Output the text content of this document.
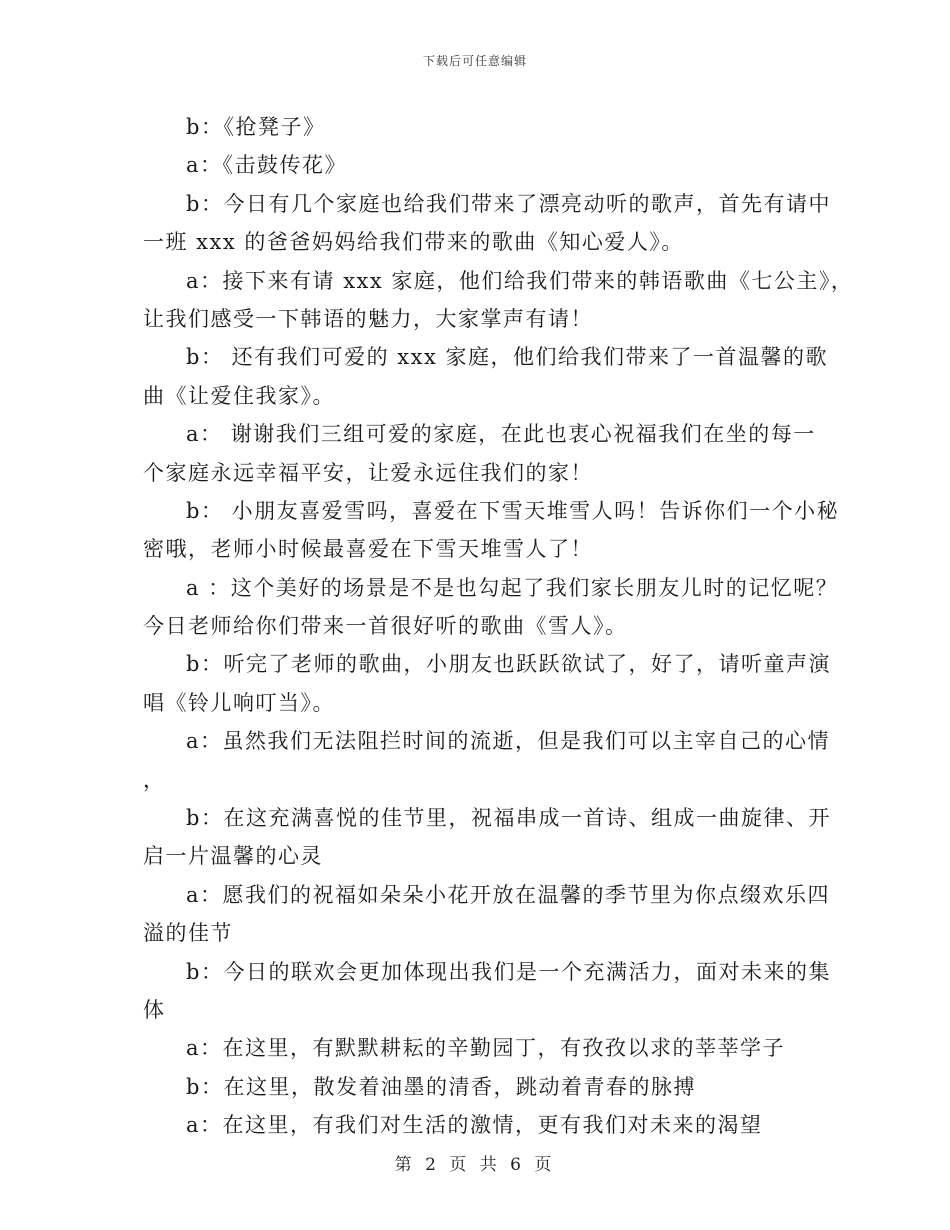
下载后可任意编辑
b：《抢凳子》
a：《击鼓传花》
b：今日有几个家庭也给我们带来了漂亮动听的歌声，首先有请中
一班 xxx 的爸爸妈妈给我们带来的歌曲《知心爱人》。
a：接下来有请 xxx 家庭，他们给我们带来的韩语歌曲《七公主》，
让我们感受一下韩语的魅力，大家掌声有请！
b： 还有我们可爱的 xxx 家庭，他们给我们带来了一首温馨的歌
曲《让爱住我家》。
a： 谢谢我们三组可爱的家庭，在此也衷心祝福我们在坐的每一
个家庭永远幸福平安，让爱永远住我们的家！
b： 小朋友喜爱雪吗，喜爱在下雪天堆雪人吗！告诉你们一个小秘
密哦，老师小时候最喜爱在下雪天堆雪人了！
a ：这个美好的场景是不是也勾起了我们家长朋友儿时的记忆呢？
今日老师给你们带来一首很好听的歌曲《雪人》。
b：听完了老师的歌曲，小朋友也跃跃欲试了，好了，请听童声演
唱《铃儿响叮当》。
a：虽然我们无法阻拦时间的流逝，但是我们可以主宰自己的心情
，
b：在这充满喜悦的佳节里，祝福串成一首诗、组成一曲旋律、开
启一片温馨的心灵
a：愿我们的祝福如朵朵小花开放在温馨的季节里为你点缀欢乐四
溢的佳节
b：今日的联欢会更加体现出我们是一个充满活力，面对未来的集
体
a：在这里，有默默耕耘的辛勤园丁，有孜孜以求的莘莘学子
b：在这里，散发着油墨的清香，跳动着青春的脉搏
a：在这里，有我们对生活的激情，更有我们对未来的渴望
第 2 页 共 6 页
